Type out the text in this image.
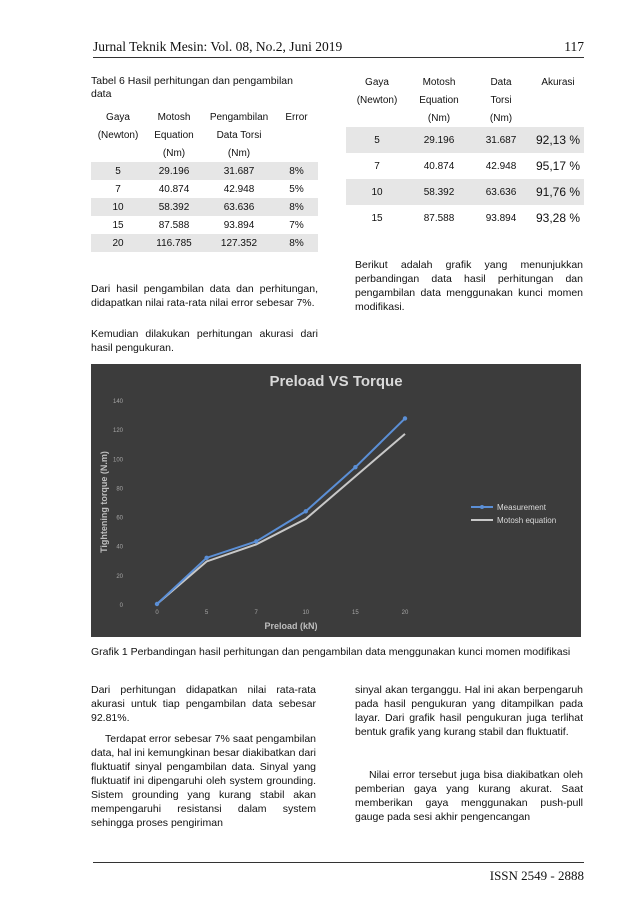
Jurnal Teknik Mesin: Vol. 08, No.2, Juni 2019	117
Tabel 6 Hasil perhitungan dan pengambilan data
Gaya	Motosh	Pengambilan	Error
(Newton)	Equation	Data Torsi	
	(Nm)	(Nm)	
5	29.196	31.687	8%
7	40.874	42.948	5%
10	58.392	63.636	8%
15	87.588	93.894	7%
20	116.785	127.352	8%
Dari hasil pengambilan data dan perhitungan, didapatkan nilai rata-rata nilai error sebesar 7%.
Kemudian dilakukan perhitungan akurasi dari hasil pengukuran.
Gaya	Motosh	Data	Akurasi
(Newton)	Equation	Torsi	
	(Nm)	(Nm)	
5	29.196	31.687	92,13 %
7	40.874	42.948	95,17 %
10	58.392	63.636	91,76 %
15	87.588	93.894	93,28 %
Berikut adalah grafik yang menunjukkan perbandingan data hasil perhitungan dan pengambilan data menggunakan kunci momen modifikasi.
Preload VS Torque
0
20
40
60
80
100
120
140
0	5	7	10	15	20
Preload (kN)
Tightening torque (N.m)	Measurement
Motosh equation
Grafik 1 Perbandingan hasil perhitungan dan pengambilan data menggunakan kunci momen modifikasi
Dari perhitungan didapatkan nilai rata-rata akurasi untuk tiap pengambilan data sebesar 92.81%.
Terdapat error sebesar 7% saat pengambilan data, hal ini kemungkinan besar diakibatkan dari fluktuatif sinyal pengambilan data. Sinyal yang fluktuatif ini dipengaruhi oleh system grounding. Sistem grounding yang kurang stabil akan mempengaruhi resistansi dalam system sehingga proses pengiriman
sinyal akan terganggu. Hal ini akan berpengaruh pada hasil pengukuran yang ditampilkan pada layar. Dari grafik hasil pengukuran juga terlihat bentuk grafik yang kurang stabil dan fluktuatif.
Nilai error tersebut juga bisa diakibatkan oleh pemberian gaya yang kurang akurat. Saat memberikan gaya menggunakan push-pull gauge pada sesi akhir pengencangan
ISSN 2549 - 2888
